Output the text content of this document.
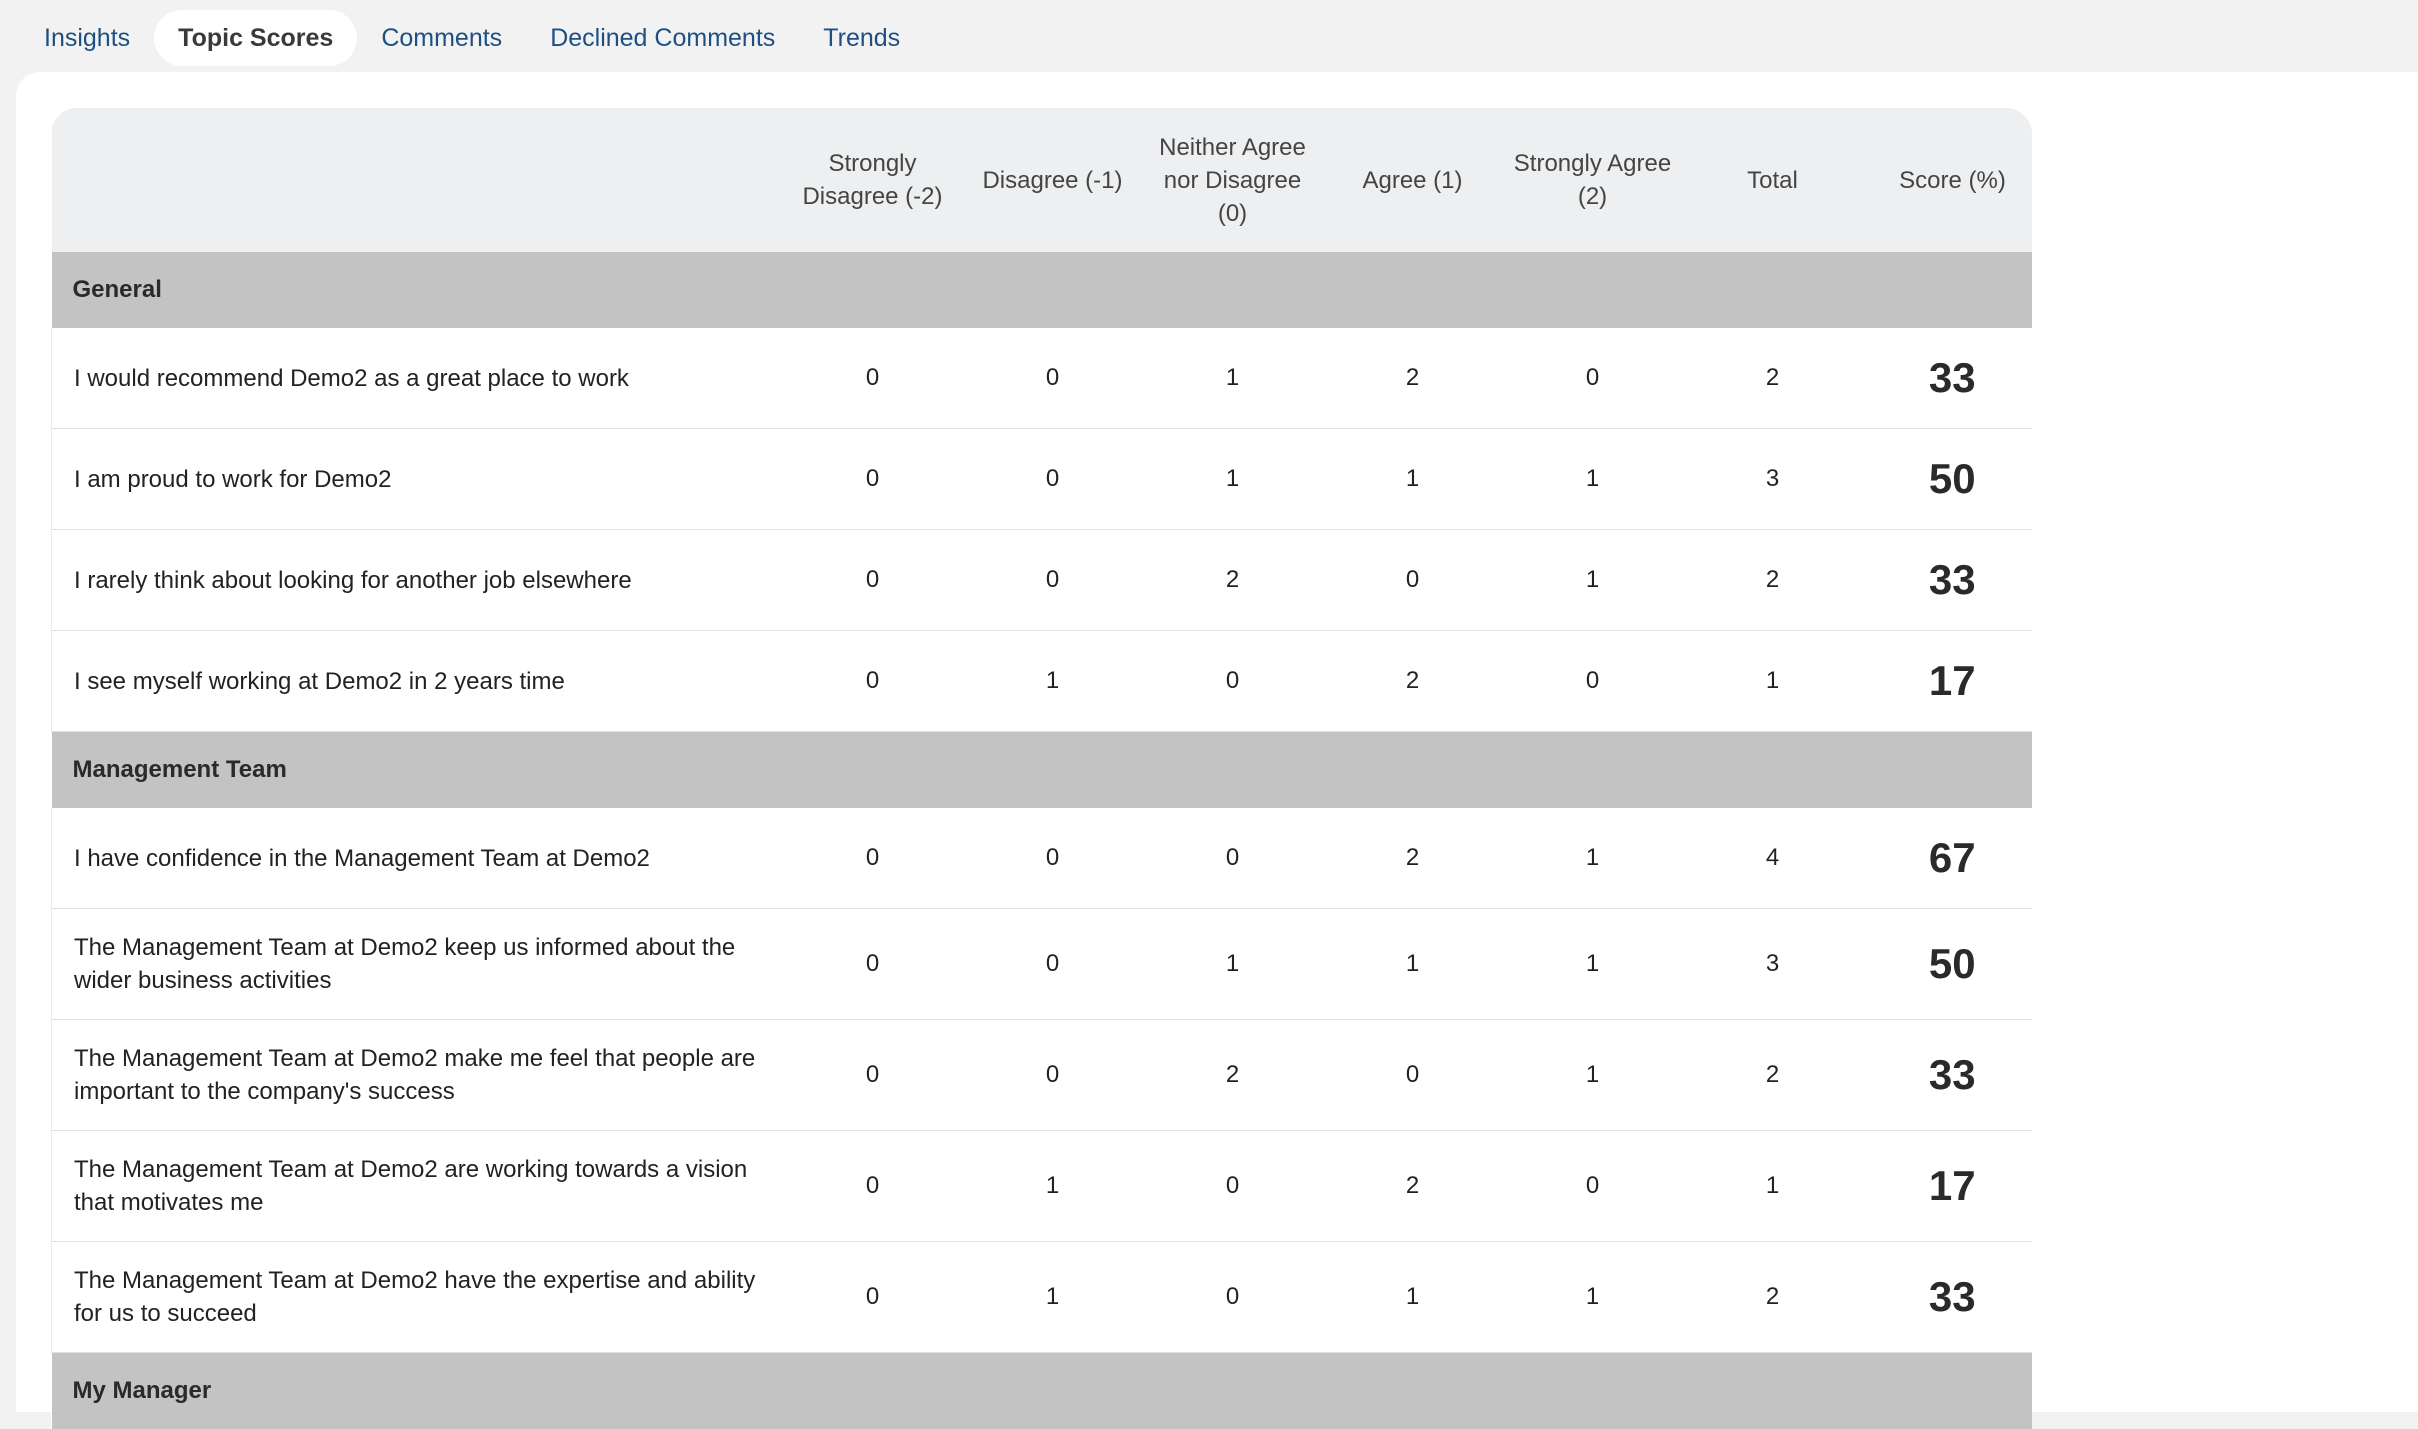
Insights	Topic Scores	Comments	Declined Comments	Trends
	Strongly Disagree (-2)	Disagree (-1)	Neither Agree nor Disagree (0)	Agree (1)	Strongly Agree (2)	Total	Score (%)
General							
I would recommend Demo2 as a great place to work	0	0	1	2	0	2	33
I am proud to work for Demo2	0	0	1	1	1	3	50
I rarely think about looking for another job elsewhere	0	0	2	0	1	2	33
I see myself working at Demo2 in 2 years time	0	1	0	2	0	1	17
Management Team							
I have confidence in the Management Team at Demo2	0	0	0	2	1	4	67
The Management Team at Demo2 keep us informed about the wider business activities	0	0	1	1	1	3	50
The Management Team at Demo2 make me feel that people are important to the company's success	0	0	2	0	1	2	33
The Management Team at Demo2 are working towards a vision that motivates me	0	1	0	2	0	1	17
The Management Team at Demo2 have the expertise and ability for us to succeed	0	1	0	1	1	2	33
My Manager							
